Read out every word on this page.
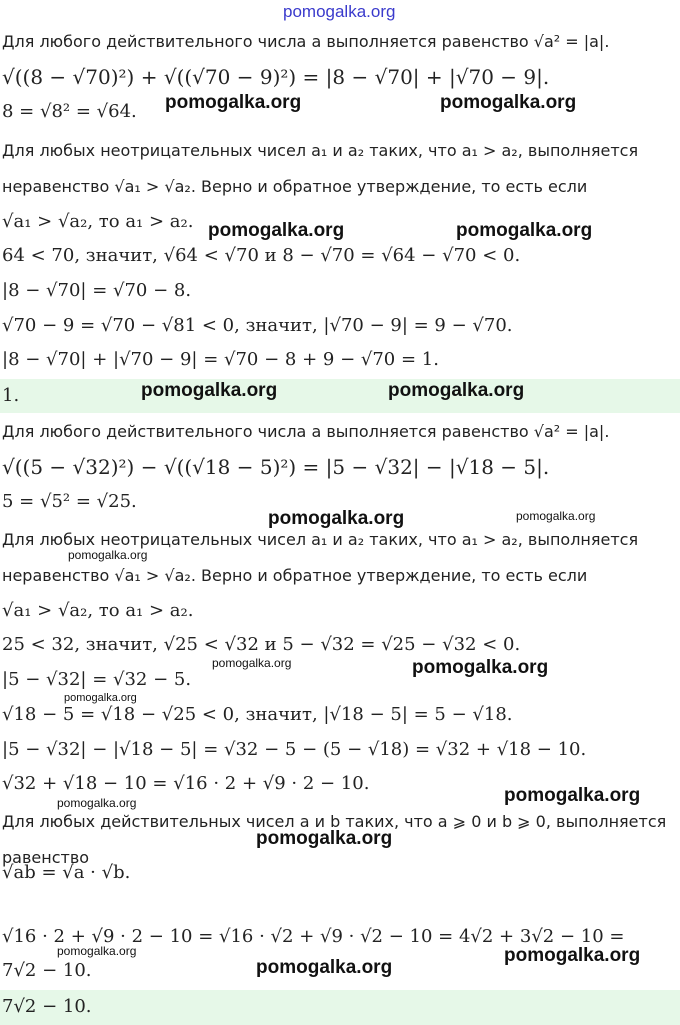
Для любого действительного числа a выполняется равенство √a² = |a|.
√((8 − √70)²) + √((√70 − 9)²) = |8 − √70| + |√70 − 9|.
8 = √8² = √64.
Для любых неотрицательных чисел a₁ и a₂ таких, что a₁ > a₂, выполняется
неравенство √a₁ > √a₂. Верно и обратное утверждение, то есть если
√a₁ > √a₂, то a₁ > a₂.
64 < 70, значит, √64 < √70 и 8 − √70 = √64 − √70 < 0.
|8 − √70| = √70 − 8.
√70 − 9 = √70 − √81 < 0, значит, |√70 − 9| = 9 − √70.
|8 − √70| + |√70 − 9| = √70 − 8 + 9 − √70 = 1.
1.
Для любого действительного числа a выполняется равенство √a² = |a|.
√((5 − √32)²) − √((√18 − 5)²) = |5 − √32| − |√18 − 5|.
5 = √5² = √25.
Для любых неотрицательных чисел a₁ и a₂ таких, что a₁ > a₂, выполняется
неравенство √a₁ > √a₂. Верно и обратное утверждение, то есть если
√a₁ > √a₂, то a₁ > a₂.
25 < 32, значит, √25 < √32 и 5 − √32 = √25 − √32 < 0.
|5 − √32| = √32 − 5.
√18 − 5 = √18 − √25 < 0, значит, |√18 − 5| = 5 − √18.
|5 − √32| − |√18 − 5| = √32 − 5 − (5 − √18) = √32 + √18 − 10.
√32 + √18 − 10 = √16 · 2 + √9 · 2 − 10.
Для любых действительных чисел a и b таких, что a ⩾ 0 и b ⩾ 0, выполняется
равенство
√ab = √a · √b.
√16 · 2 + √9 · 2 − 10 = √16 · √2 + √9 · √2 − 10 = 4√2 + 3√2 − 10 =
7√2 − 10.
7√2 − 10.
pomogalka.org
pomogalka.org	pomogalka.org
pomogalka.org	pomogalka.org
pomogalka.org	pomogalka.org
pomogalka.org	pomogalka.org
pomogalka.org
pomogalka.org	pomogalka.org
pomogalka.org
pomogalka.org	pomogalka.org
pomogalka.org
pomogalka.org
pomogalka.org
pomogalka.org
